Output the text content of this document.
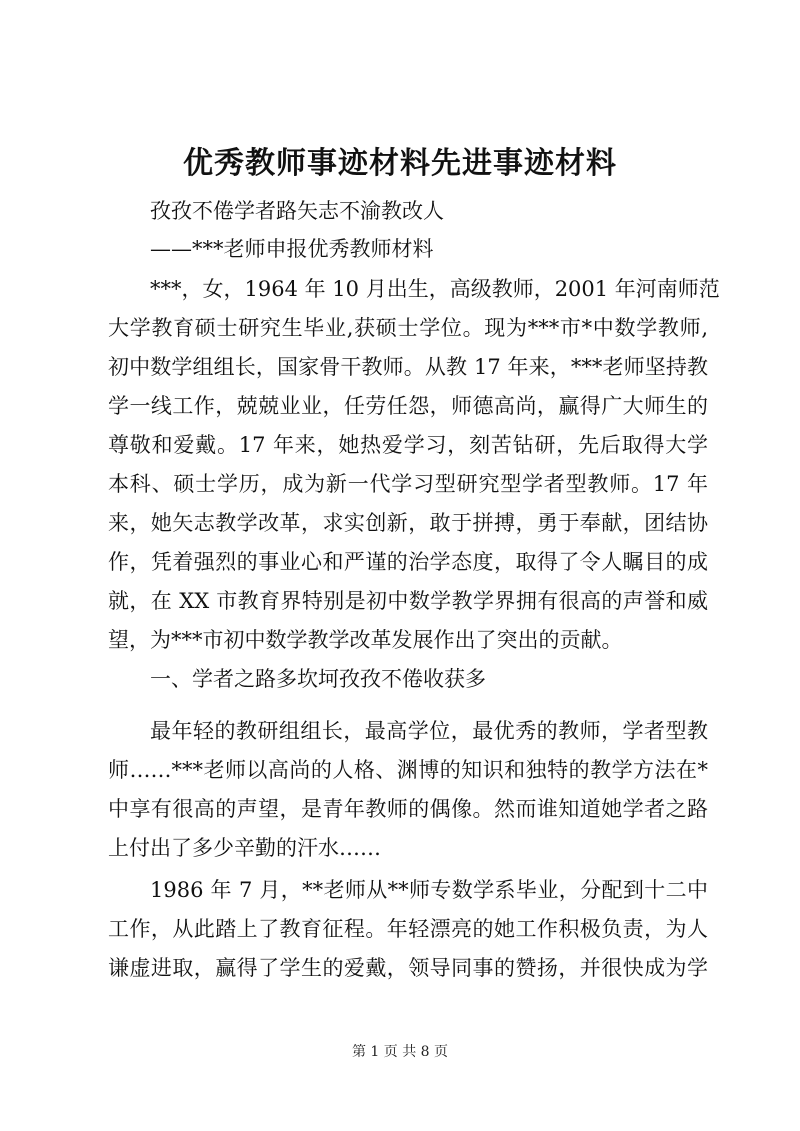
优秀教师事迹材料先进事迹材料

孜孜不倦学者路矢志不渝教改人

——***老师申报优秀教师材料

***，女，1964 年 10 月出生，高级教师，2001 年河南师范

大学教育硕士研究生毕业,获硕士学位。现为***市*中数学教师,

初中数学组组长，国家骨干教师。从教 17 年来，***老师坚持教

学一线工作，兢兢业业，任劳任怨，师德高尚，赢得广大师生的

尊敬和爱戴。17 年来，她热爱学习，刻苦钻研，先后取得大学

本科、硕士学历，成为新一代学习型研究型学者型教师。17 年

来，她矢志教学改革，求实创新，敢于拼搏，勇于奉献，团结协

作，凭着强烈的事业心和严谨的治学态度，取得了令人瞩目的成

就，在 XX 市教育界特别是初中数学教学界拥有很高的声誉和威

望，为***市初中数学教学改革发展作出了突出的贡献。

一、学者之路多坎坷孜孜不倦收获多

最年轻的教研组组长，最高学位，最优秀的教师，学者型教

师……***老师以高尚的人格、渊博的知识和独特的教学方法在*

中享有很高的声望，是青年教师的偶像。然而谁知道她学者之路

上付出了多少辛勤的汗水……

1986 年 7 月，**老师从**师专数学系毕业，分配到十二中

工作，从此踏上了教育征程。年轻漂亮的她工作积极负责，为人

谦虚进取，赢得了学生的爱戴，领导同事的赞扬，并很快成为学

第 1 页 共 8 页
